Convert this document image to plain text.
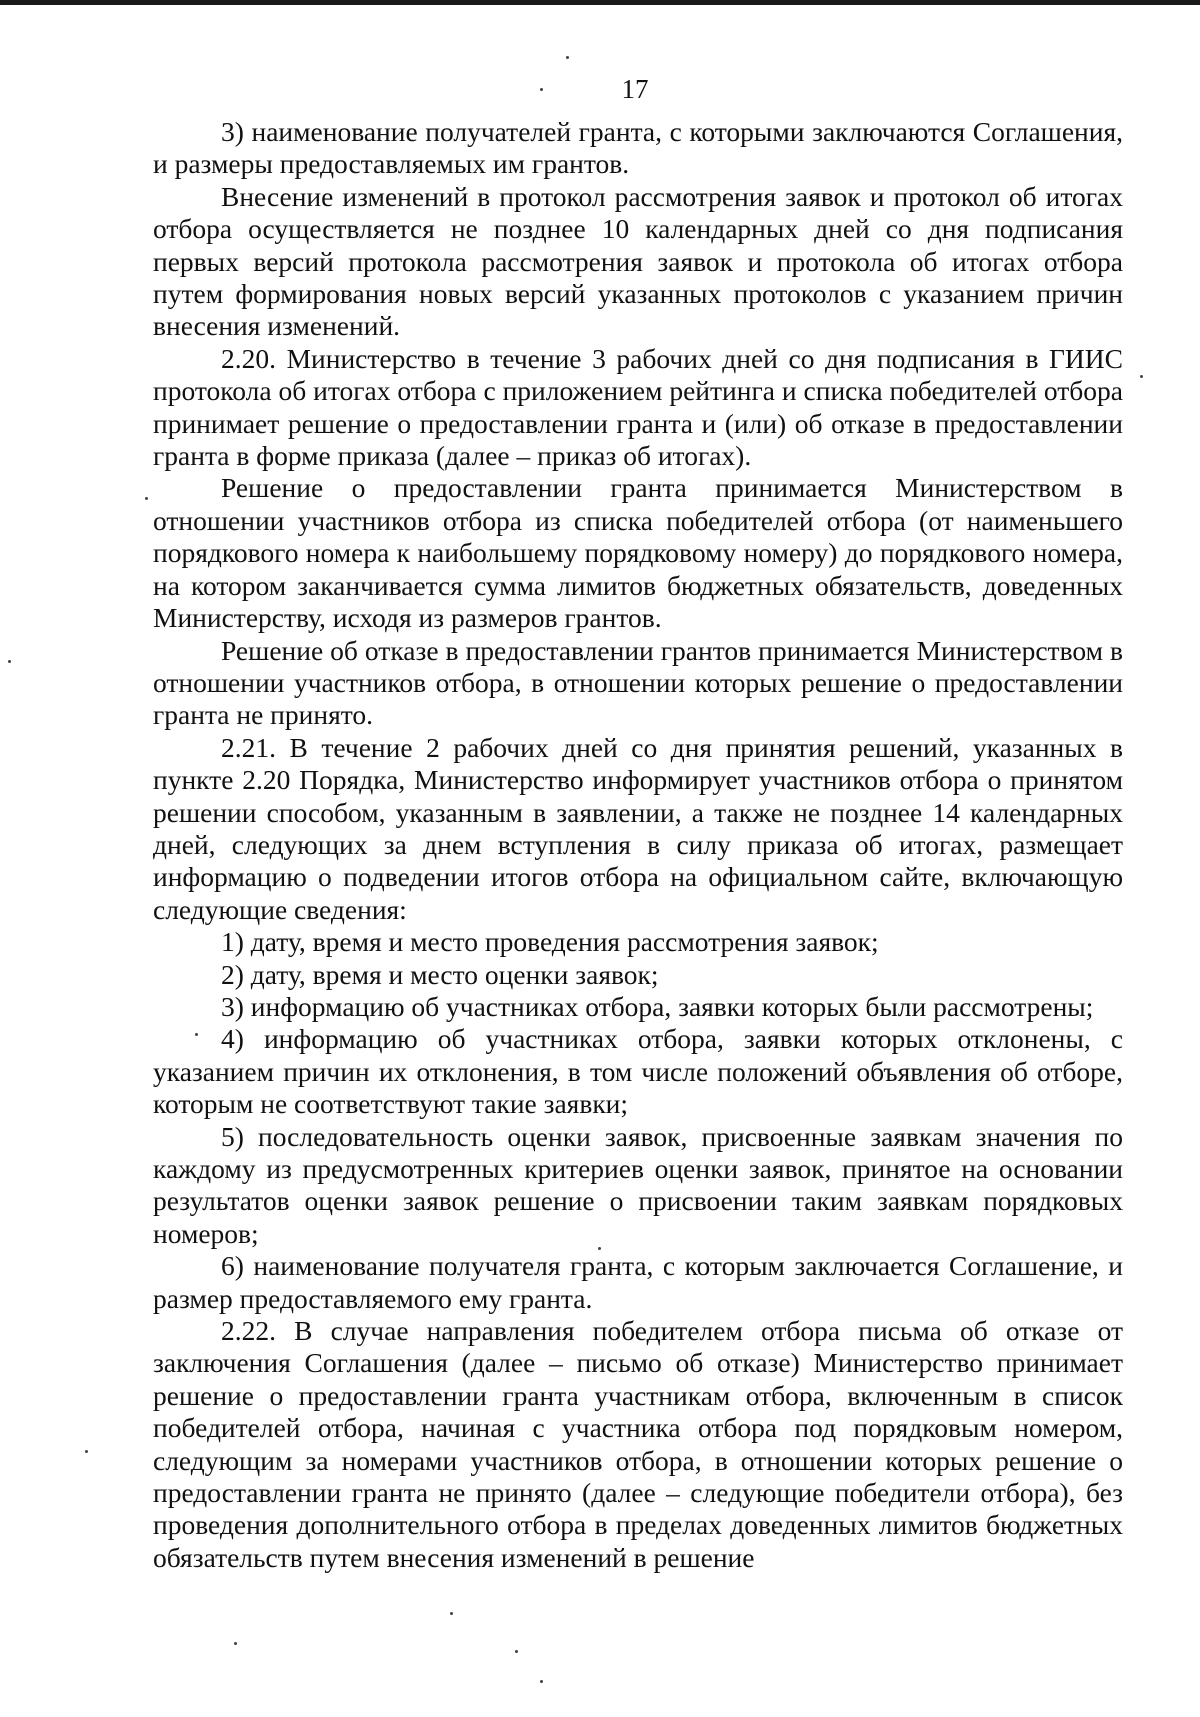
17

3) наименование получателей гранта, с которыми заключаются Соглашения, и размеры предоставляемых им грантов.

Внесение изменений в протокол рассмотрения заявок и протокол об итогах отбора осуществляется не позднее 10 календарных дней со дня подписания первых версий протокола рассмотрения заявок и протокола об итогах отбора путем формирования новых версий указанных протоколов с указанием причин внесения изменений.

2.20. Министерство в течение 3 рабочих дней со дня подписания в ГИИС протокола об итогах отбора с приложением рейтинга и списка победителей отбора принимает решение о предоставлении гранта и (или) об отказе в предоставлении гранта в форме приказа (далее – приказ об итогах).

Решение о предоставлении гранта принимается Министерством в отношении участников отбора из списка победителей отбора (от наименьшего порядкового номера к наибольшему порядковому номеру) до порядкового номера, на котором заканчивается сумма лимитов бюджетных обязательств, доведенных Министерству, исходя из размеров грантов.

Решение об отказе в предоставлении грантов принимается Министерством в отношении участников отбора, в отношении которых решение о предоставлении гранта не принято.

2.21. В течение 2 рабочих дней со дня принятия решений, указанных в пункте 2.20 Порядка, Министерство информирует участников отбора о принятом решении способом, указанным в заявлении, а также не позднее 14 календарных дней, следующих за днем вступления в силу приказа об итогах, размещает информацию о подведении итогов отбора на официальном сайте, включающую следующие сведения:

1) дату, время и место проведения рассмотрения заявок;

2) дату, время и место оценки заявок;

3) информацию об участниках отбора, заявки которых были рассмотрены;

4) информацию об участниках отбора, заявки которых отклонены, с указанием причин их отклонения, в том числе положений объявления об отборе, которым не соответствуют такие заявки;

5) последовательность оценки заявок, присвоенные заявкам значения по каждому из предусмотренных критериев оценки заявок, принятое на основании результатов оценки заявок решение о присвоении таким заявкам порядковых номеров;

6) наименование получателя гранта, с которым заключается Соглашение, и размер предоставляемого ему гранта.

2.22. В случае направления победителем отбора письма об отказе от заключения Соглашения (далее – письмо об отказе) Министерство принимает решение о предоставлении гранта участникам отбора, включенным в список победителей отбора, начиная с участника отбора под порядковым номером, следующим за номерами участников отбора, в отношении которых решение о предоставлении гранта не принято (далее – следующие победители отбора), без проведения дополнительного отбора в пределах доведенных лимитов бюджетных обязательств путем внесения изменений в решение
